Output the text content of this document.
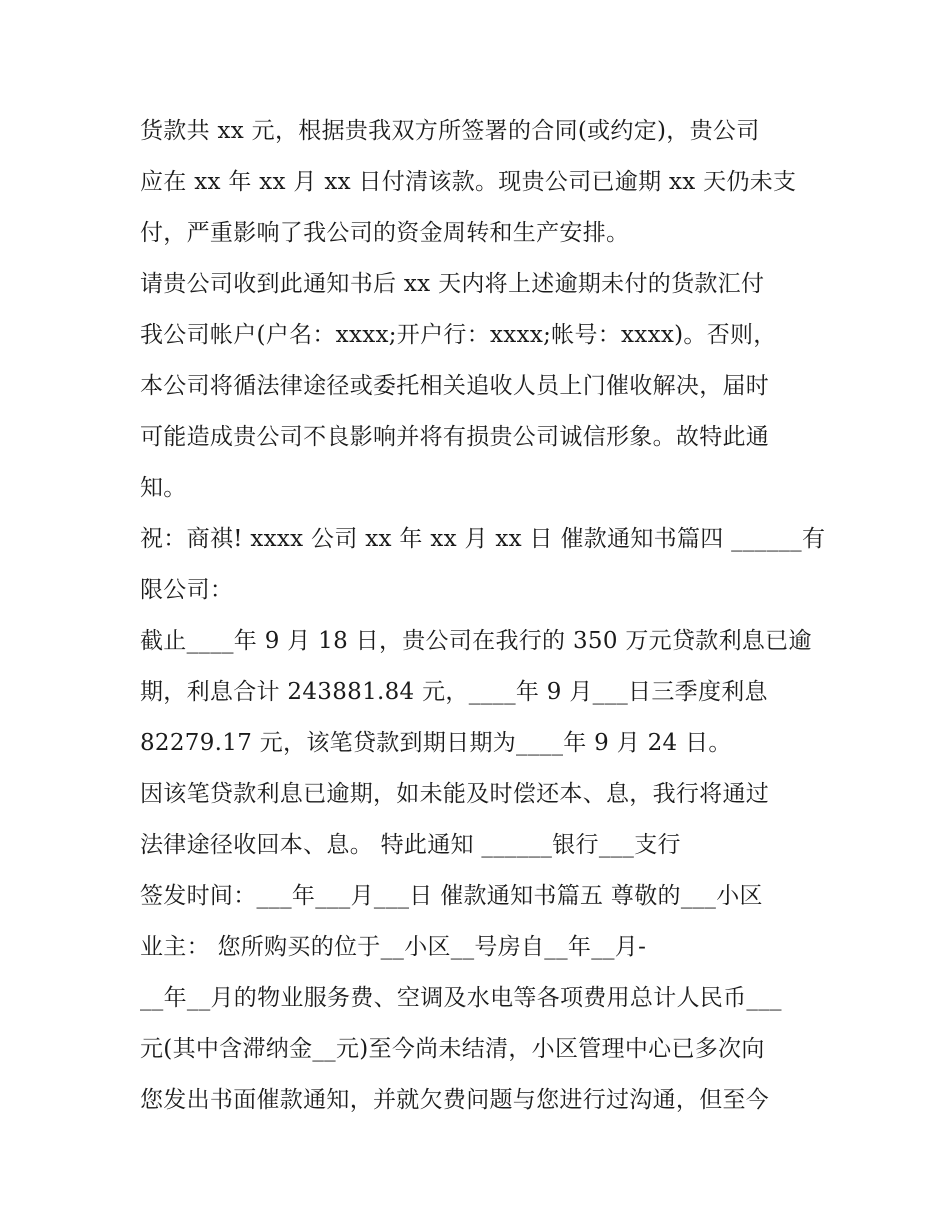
货款共 xx 元，根据贵我双方所签署的合同(或约定)，贵公司
应在 xx 年 xx 月 xx 日付清该款。现贵公司已逾期 xx 天仍未支
付，严重影响了我公司的资金周转和生产安排。
请贵公司收到此通知书后 xx 天内将上述逾期未付的货款汇付
我公司帐户(户名：xxxx;开户行：xxxx;帐号：xxxx)。否则，
本公司将循法律途径或委托相关追收人员上门催收解决，届时
可能造成贵公司不良影响并将有损贵公司诚信形象。故特此通
知。
祝：商祺! xxxx 公司 xx 年 xx 月 xx 日 催款通知书篇四 ______有
限公司：
截止____年 9 月 18 日，贵公司在我行的 350 万元贷款利息已逾
期，利息合计 243881.84 元，____年 9 月___日三季度利息
82279.17 元，该笔贷款到期日期为____年 9 月 24 日。
因该笔贷款利息已逾期，如未能及时偿还本、息，我行将通过
法律途径收回本、息。 特此通知 ______银行___支行
签发时间：___年___月___日 催款通知书篇五 尊敬的___小区
业主： 您所购买的位于__小区__号房自__年__月-
__年__月的物业服务费、空调及水电等各项费用总计人民币___
元(其中含滞纳金__元)至今尚未结清，小区管理中心已多次向
您发出书面催款通知，并就欠费问题与您进行过沟通，但至今
